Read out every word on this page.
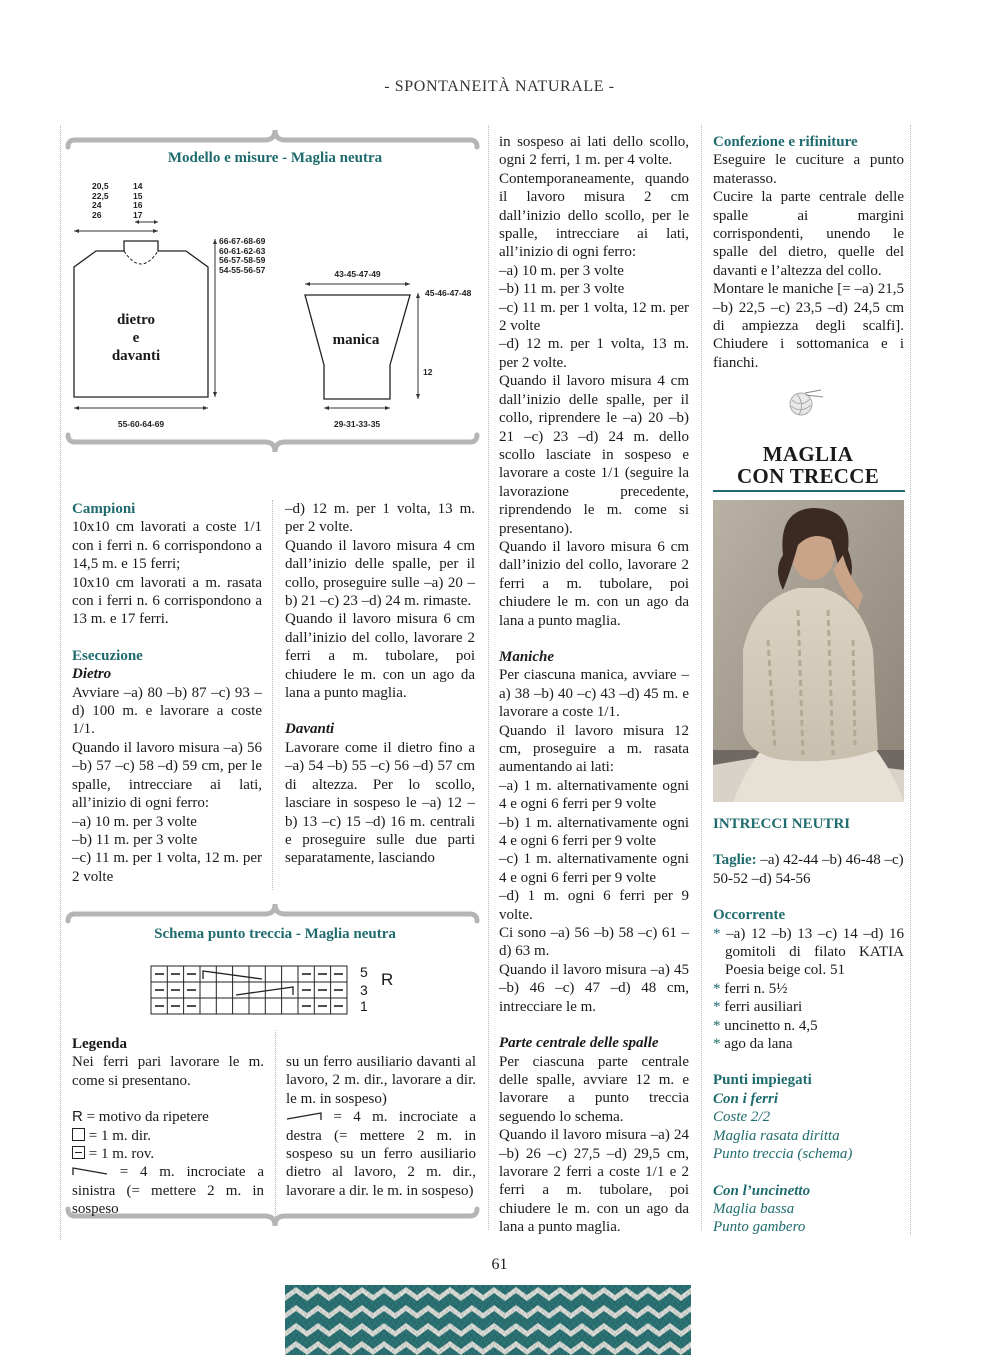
- SPONTANEITÀ NATURALE -
Modello e misure - Maglia neutra
20,5
22,5
24
26
14
15
16
17
66-67-68-69
60-61-62-63
56-57-58-59
54-55-56-57
dietro
e
davanti
55-60-64-69
43-45-47-49
45-46-47-48
manica
12
29-31-33-35

Campioni

10x10 cm lavorati a coste 1/1 con i ferri n. 6 corrispondono a 14,5 m. e 15 ferri;

10x10 cm lavorati a m. rasata con i ferri n. 6 corrispondono a 13 m. e 17 ferri.

Esecuzione

Dietro

Avviare –a) 80 –b) 87 –c) 93 –d) 100 m. e lavorare a coste 1/1.

Quando il lavoro misura –a) 56 –b) 57 –c) 58 –d) 59 cm, per le spalle, intrecciare ai lati, all’inizio di ogni ferro:

–a) 10 m. per 3 volte

–b) 11 m. per 3 volte

–c) 11 m. per 1 volta, 12 m. per 2 volte

–d) 12 m. per 1 volta, 13 m. per 2 volte.

Quando il lavoro misura 4 cm dall’inizio delle spalle, per il collo, proseguire sulle –a) 20 –b) 21 –c) 23 –d) 24 m. rimaste.

Quando il lavoro misura 6 cm dall’inizio del collo, lavorare 2 ferri a m. tubolare, poi chiudere le m. con un ago da lana a punto maglia.

Davanti

Lavorare come il dietro fino a –a) 54 –b) 55 –c) 56 –d) 57 cm di altezza. Per lo scollo, lasciare in sospeso le –a) 12 –b) 13 –c) 15 –d) 16 m. centrali e proseguire sulle due parti separatamente, lasciando

Schema punto treccia - Maglia neutra
5
3
1
R

Legenda

Nei ferri pari lavorare le m. come si presentano.

R = motivo da ripetere

= 1 m. dir.

= 1 m. rov.

= 4 m. incrociate a sinistra (= mettere 2 m. in sospeso

su un ferro ausiliario davanti al lavoro, 2 m. dir., lavorare a dir. le m. in sospeso)

= 4 m. incrociate a destra (= mettere 2 m. in sospeso su un ferro ausiliario dietro al lavoro, 2 m. dir., lavorare a dir. le m. in sospeso)

in sospeso ai lati dello scollo, ogni 2 ferri, 1 m. per 4 volte.

Contemporaneamente, quando il lavoro misura 2 cm dall’inizio dello scollo, per le spalle, intrecciare ai lati, all’inizio di ogni ferro:

–a) 10 m. per 3 volte

–b) 11 m. per 3 volte

–c) 11 m. per 1 volta, 12 m. per 2 volte

–d) 12 m. per 1 volta, 13 m. per 2 volte.

Quando il lavoro misura 4 cm dall’inizio delle spalle, per il collo, riprendere le –a) 20 –b) 21 –c) 23 –d) 24 m. dello scollo lasciate in sospeso e lavorare a coste 1/1 (seguire la lavorazione precedente, riprendendo le m. come si presentano).

Quando il lavoro misura 6 cm dall’inizio del collo, lavorare 2 ferri a m. tubolare, poi chiudere le m. con un ago da lana a punto maglia.

Maniche

Per ciascuna manica, avviare –a) 38 –b) 40 –c) 43 –d) 45 m. e lavorare a coste 1/1.

Quando il lavoro misura 12 cm, proseguire a m. rasata aumentando ai lati:

–a) 1 m. alternativamente ogni 4 e ogni 6 ferri per 9 volte

–b) 1 m. alternativamente ogni 4 e ogni 6 ferri per 9 volte

–c) 1 m. alternativamente ogni 4 e ogni 6 ferri per 9 volte

–d) 1 m. ogni 6 ferri per 9 volte.

Ci sono –a) 56 –b) 58 –c) 61 –d) 63 m.

Quando il lavoro misura –a) 45 –b) 46 –c) 47 –d) 48 cm, intrecciare le m.

Parte centrale delle spalle

Per ciascuna parte centrale delle spalle, avviare 12 m. e lavorare a punto treccia seguendo lo schema.

Quando il lavoro misura –a) 24 –b) 26 –c) 27,5 –d) 29,5 cm, lavorare 2 ferri a coste 1/1 e 2 ferri a m. tubolare, poi chiudere le m. con un ago da lana a punto maglia.

Confezione e rifiniture

Eseguire le cuciture a punto materasso.

Cucire la parte centrale delle spalle ai margini corrispondenti, unendo le spalle del dietro, quelle del davanti e l’altezza del collo.

Montare le maniche [= –a) 21,5 –b) 22,5 –c) 23,5 –d) 24,5 cm di ampiezza degli scalfi]. Chiudere i sottomanica e i fianchi.

MAGLIA
CON TRECCE

INTRECCI NEUTRI

Taglie: –a) 42-44 –b) 46-48 –c) 50-52 –d) 54-56

Occorrente

* –a) 12 –b) 13 –c) 14 –d) 16 gomitoli di filato KATIA Poesia beige col. 51

* ferri n. 5½

* ferri ausiliari

* uncinetto n. 4,5

* ago da lana

Punti impiegati

Con i ferri

Coste 2/2

Maglia rasata diritta

Punto treccia (schema)

Con l’uncinetto

Maglia bassa

Punto gambero

61
